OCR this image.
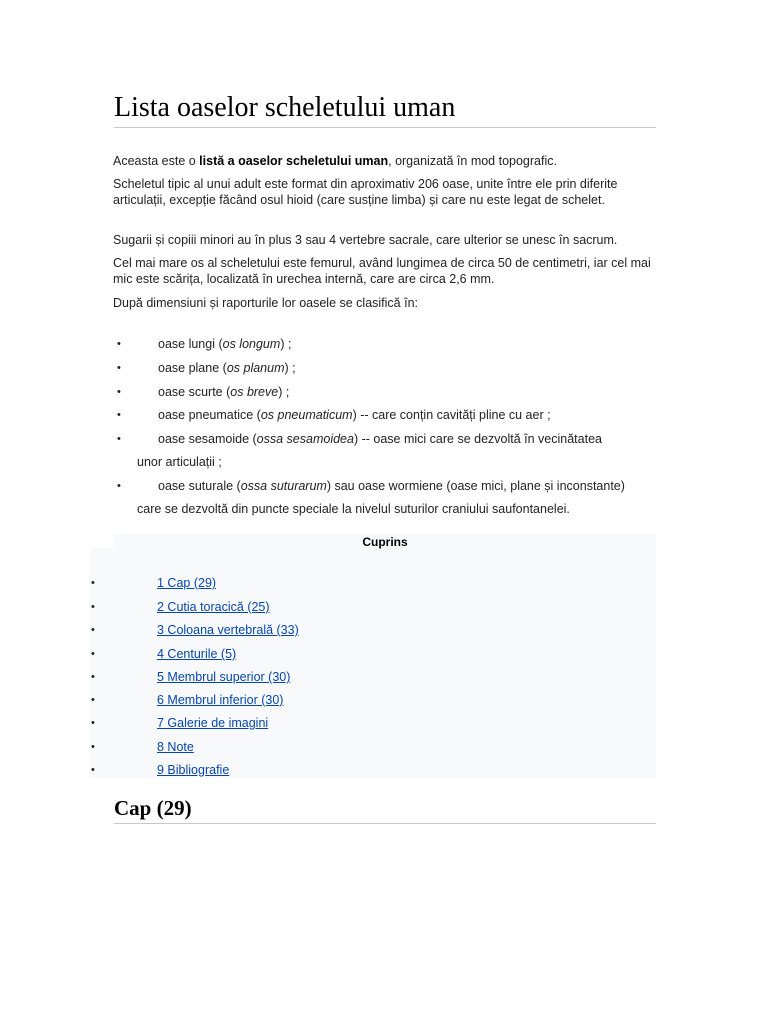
Lista oaselor scheletului uman

Aceasta este o listă a oaselor scheletului uman, organizată în mod topografic.

Scheletul tipic al unui adult este format din aproximativ 206 oase, unite între ele prin diferite articulații, excepție făcând osul hioid (care susține limba) și care nu este legat de schelet.

Sugarii și copiii minori au în plus 3 sau 4 vertebre sacrale, care ulterior se unesc în sacrum.

Cel mai mare os al scheletului este femurul, având lungimea de circa 50 de centimetri, iar cel mai mic este scărița, localizată în urechea internă, care are circa 2,6 mm.

După dimensiuni și raporturile lor oasele se clasifică în:

•	oase lungi (os longum) ;
•	oase plane (os planum) ;
•	oase scurte (os breve) ;
•	oase pneumatice (os pneumaticum) -- care conțin cavități pline cu aer ;
•	oase sesamoide (ossa sesamoidea) -- oase mici care se dezvoltă în vecinătatea
unor articulații ;
•	oase suturale (ossa suturarum) sau oase wormiene (oase mici, plane și inconstante)
care se dezvoltă din puncte speciale la nivelul suturilor craniului saufontanelei.
Cuprins
•	1 Cap (29)
•	2 Cutia toracică (25)
•	3 Coloana vertebrală (33)
•	4 Centurile (5)
•	5 Membrul superior (30)
•	6 Membrul inferior (30)
•	7 Galerie de imagini
•	8 Note
•	9 Bibliografie
Cap (29)
